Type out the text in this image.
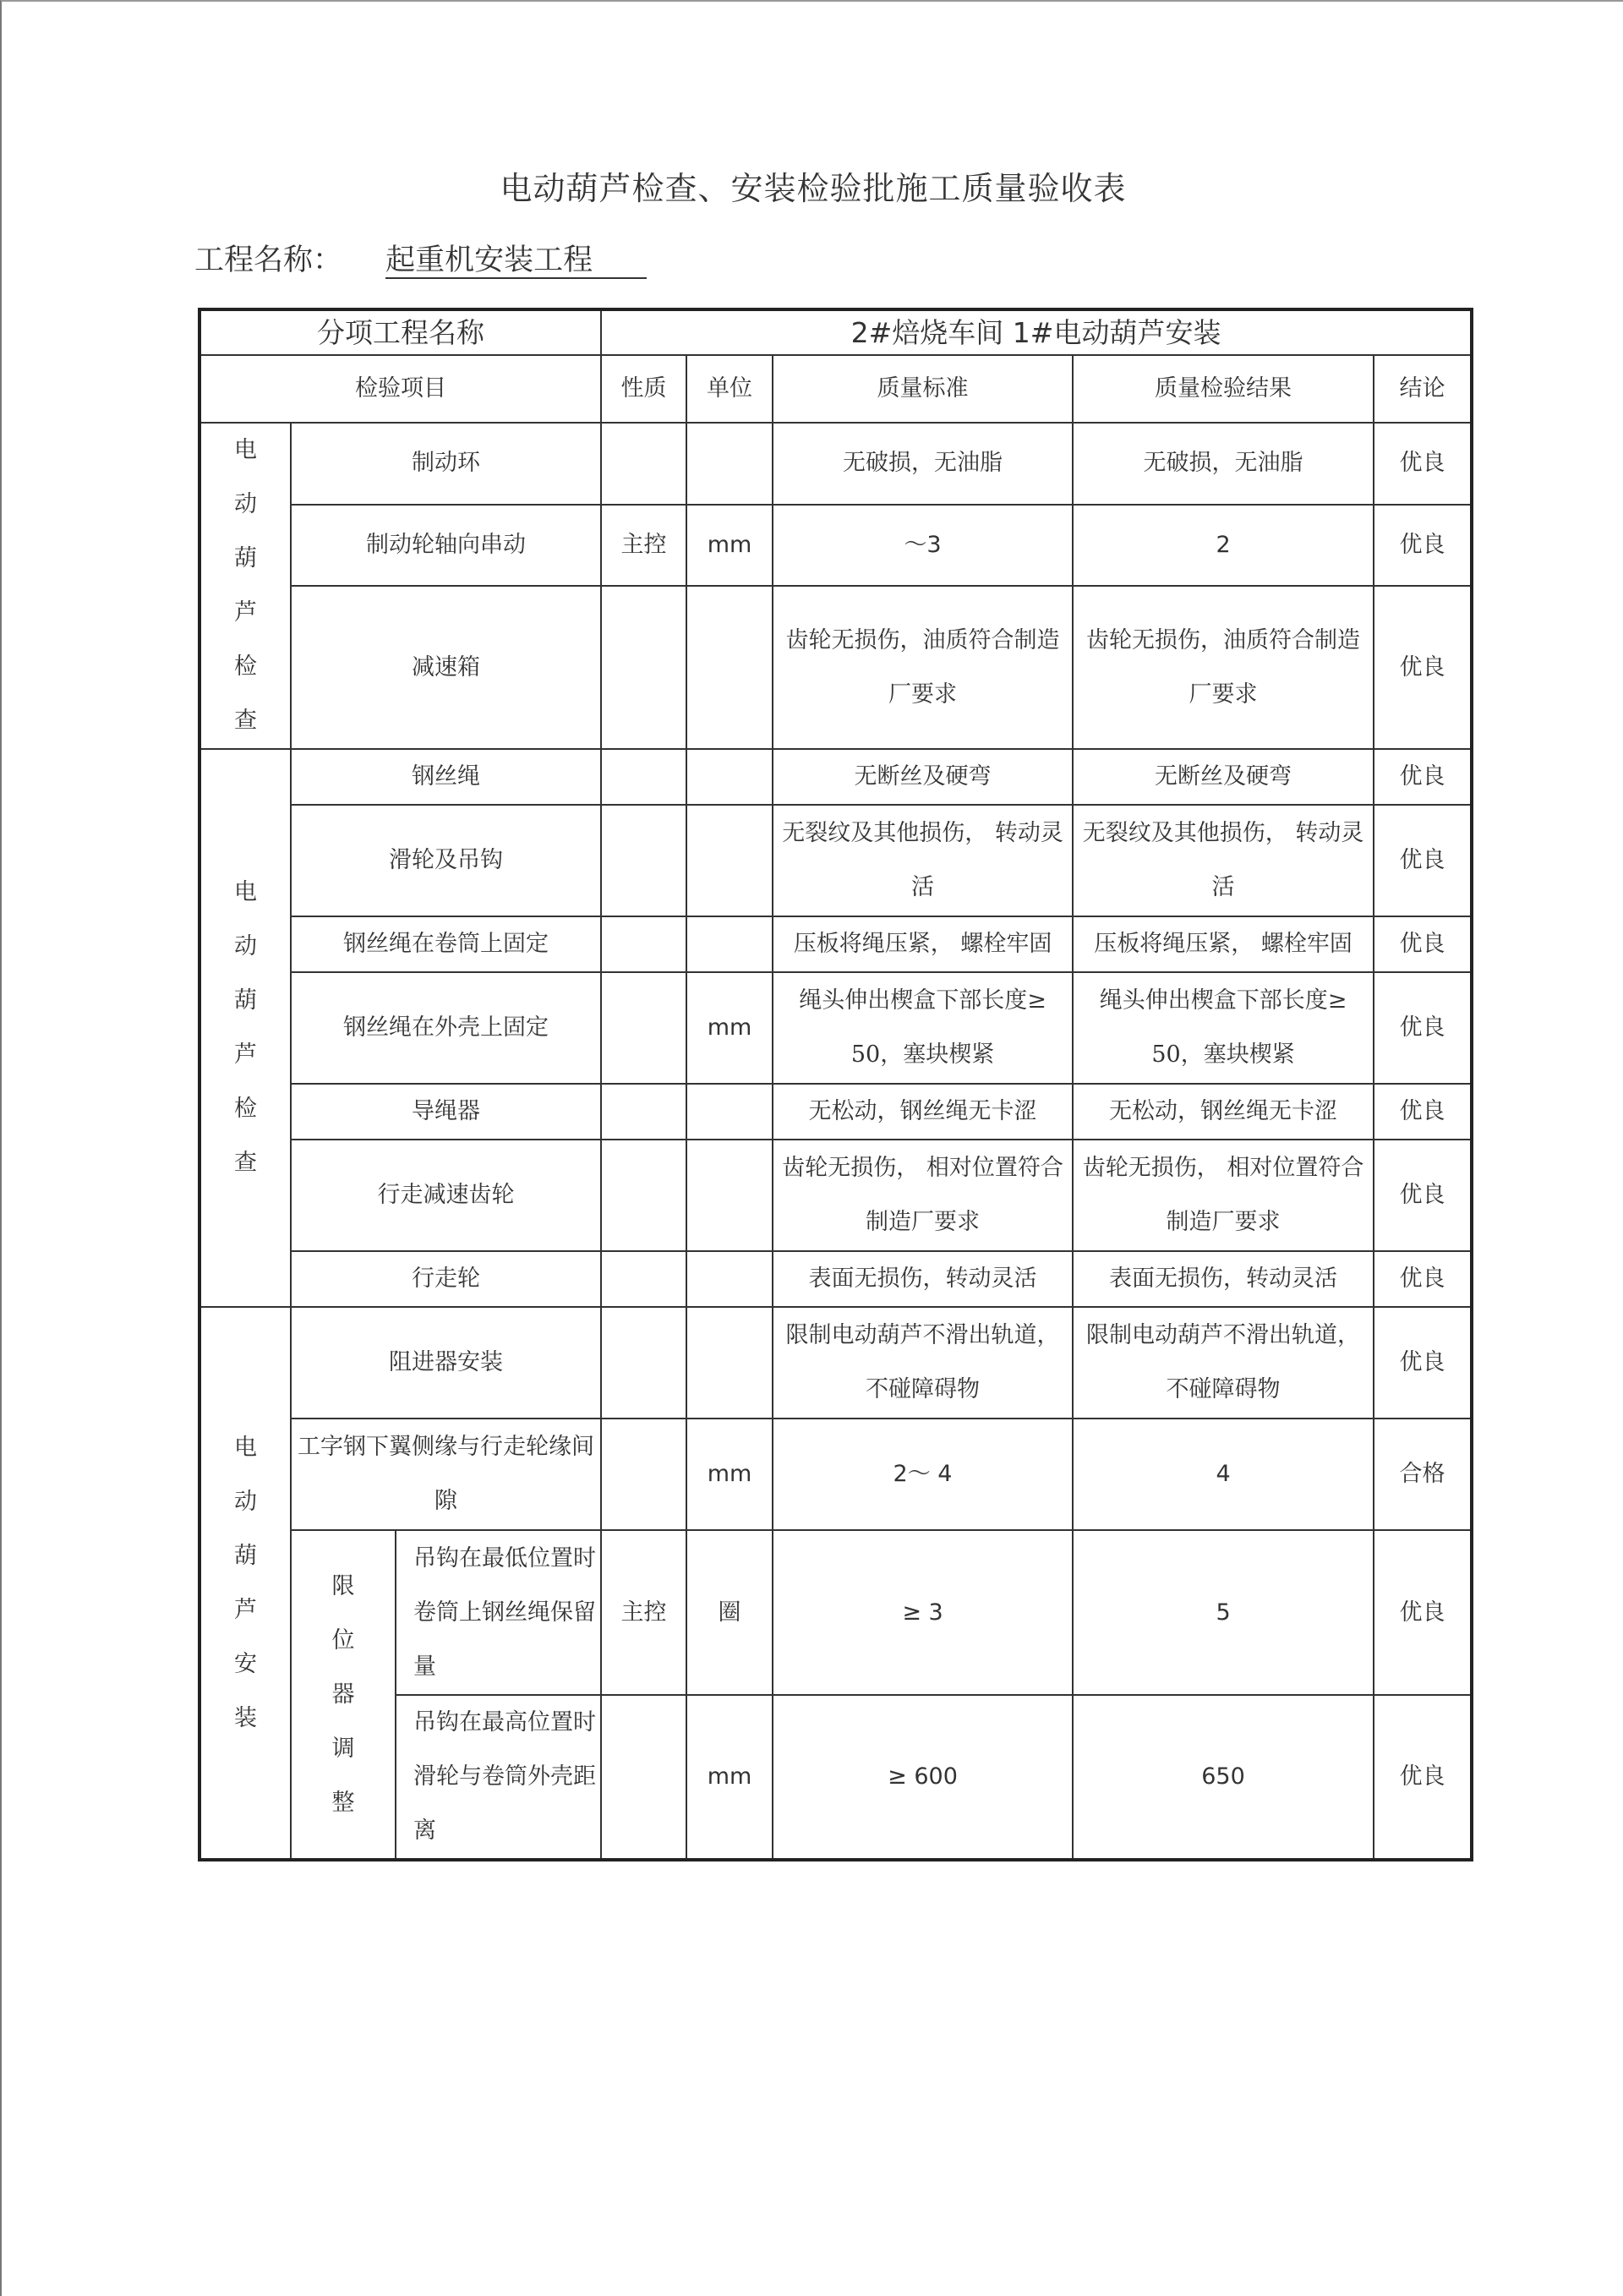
电动葫芦检查、安装检验批施工质量验收表
工程名称： 起重机安装工程
分项工程名称			2#焙烧车间 1#电动葫芦安装				
检验项目			性质	单位	质量标准	质量检验结果	结论

电动葫芦检查	制动环				无破损，无油脂	无破损，无油脂	优良
	制动轮轴向串动		主控	mm	～3	2	优良
	减速箱				齿轮无损伤，油质符合制造厂要求	齿轮无损伤，油质符合制造厂要求	优良

电动葫芦检查	钢丝绳				无断丝及硬弯	无断丝及硬弯	优良
	滑轮及吊钩				无裂纹及其他损伤， 转动灵活	无裂纹及其他损伤， 转动灵活	优良
	钢丝绳在卷筒上固定				压板将绳压紧， 螺栓牢固	压板将绳压紧， 螺栓牢固	优良
	钢丝绳在外壳上固定			mm	绳头伸出楔盒下部长度≥ 50，塞块楔紧	绳头伸出楔盒下部长度≥ 50，塞块楔紧	优良
	导绳器				无松动，钢丝绳无卡涩	无松动，钢丝绳无卡涩	优良
	行走减速齿轮				齿轮无损伤， 相对位置符合制造厂要求	齿轮无损伤， 相对位置符合制造厂要求	优良
	行走轮				表面无损伤，转动灵活	表面无损伤，转动灵活	优良

电动葫芦安装	阻进器安装				限制电动葫芦不滑出轨道，不碰障碍物	限制电动葫芦不滑出轨道，不碰障碍物	优良
	工字钢下翼侧缘与行走轮缘间隙			mm	2～ 4	4	合格

	限位器调整	吊钩在最低位置时卷筒上钢丝绳保留量	主控	圈	≥ 3	5	优良
		吊钩在最高位置时滑轮与卷筒外壳距离		mm	≥ 600	650	优良
